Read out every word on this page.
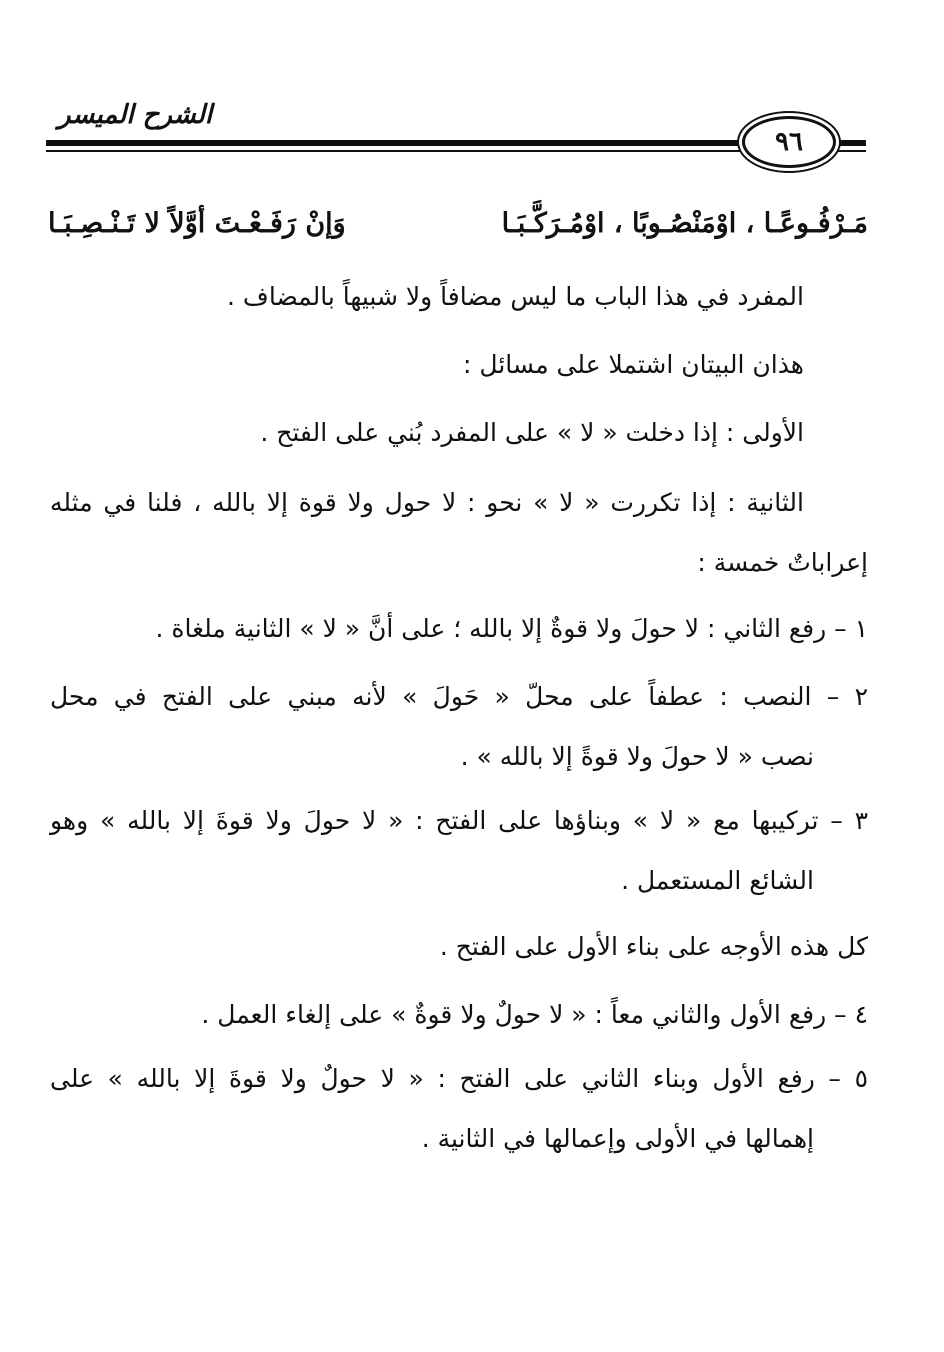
الشرح الميسر
٩٦
مَـرْفُـوعًـا ، اوْمَنْصُـوبًا ، اوْمُـرَكَّـبَـا
وَإنْ رَفَـعْـتَ أوَّلاً لا تَـنْـصِـبَـا
المفرد في هذا الباب ما ليس مضافاً ولا شبيهاً بالمضاف .
هذان البيتان اشتملا على مسائل :
الأولى : إذا دخلت « لا » على المفرد بُني على الفتح .
الثانية : إذا تكررت « لا » نحو : لا حول ولا قوة إلا بالله ، فلنا في مثله
إعراباتٌ خمسة :
١ – رفع الثاني : لا حولَ ولا قوةٌ إلا بالله ؛ على أنَّ « لا » الثانية ملغاة .
٢ – النصب : عطفاً على محلّ « حَولَ » لأنه مبني على الفتح في محل
نصب « لا حولَ ولا قوةً إلا بالله » .
٣ – تركيبها مع « لا » وبناؤها على الفتح : « لا حولَ ولا قوةَ إلا بالله » وهو
الشائع المستعمل .
كل هذه الأوجه على بناء الأول على الفتح .
٤ – رفع الأول والثاني معاً : « لا حولٌ ولا قوةٌ » على إلغاء العمل .
٥ – رفع الأول وبناء الثاني على الفتح : « لا حولٌ ولا قوةَ إلا بالله » على
إهمالها في الأولى وإعمالها في الثانية .
